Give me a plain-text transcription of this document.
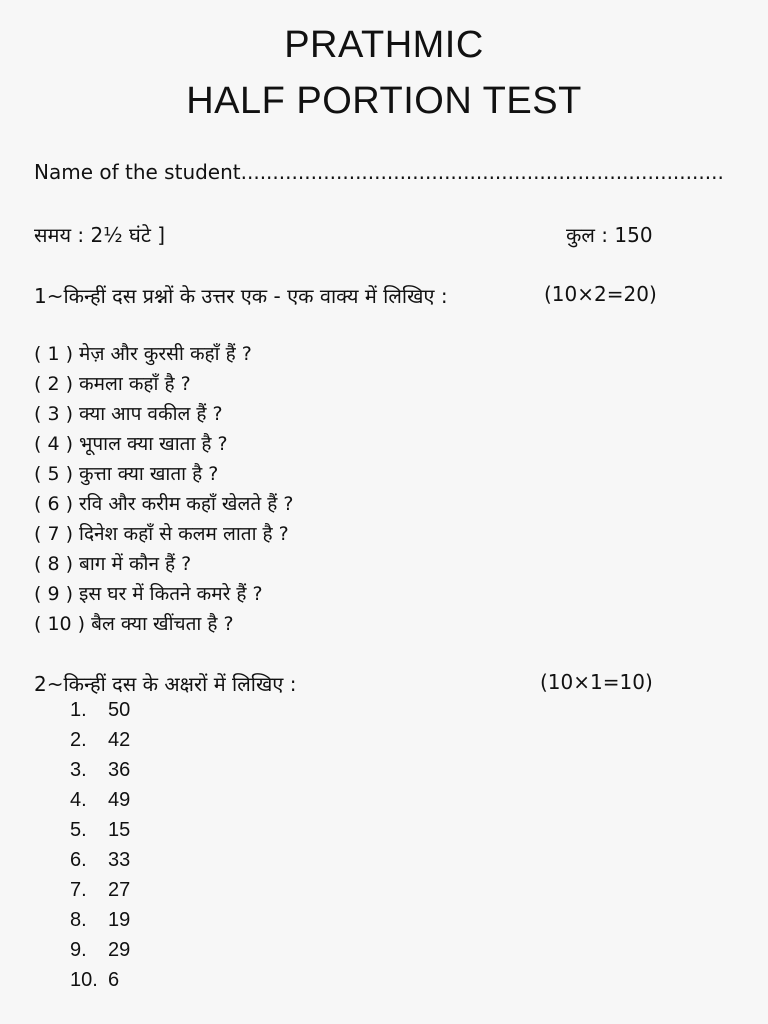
PRATHMIC
HALF PORTION TEST
Name of the student............................................................................
समय : 2½ घंटे ]	कुल : 150
1~किन्हीं दस प्रश्नों के उत्तर एक - एक वाक्य में लिखिए :	(10×2=20)
( 1 ) मेज़ और कुरसी कहाँ हैं ?
( 2 ) कमला कहाँ है ?
( 3 ) क्या आप वकील हैं ?
( 4 ) भूपाल क्या खाता है ?
( 5 ) कुत्ता क्या खाता है ?
( 6 ) रवि और करीम कहाँ खेलते हैं ?
( 7 ) दिनेश कहाँ से कलम लाता है ?
( 8 ) बाग में कौन हैं ?
( 9 ) इस घर में कितने कमरे हैं ?
( 10 ) बैल क्या खींचता है ?
2~किन्हीं दस के अक्षरों में लिखिए :	(10×1=10)
1. 50
2. 42
3. 36
4. 49
5. 15
6. 33
7. 27
8. 19
9. 29
10. 6
